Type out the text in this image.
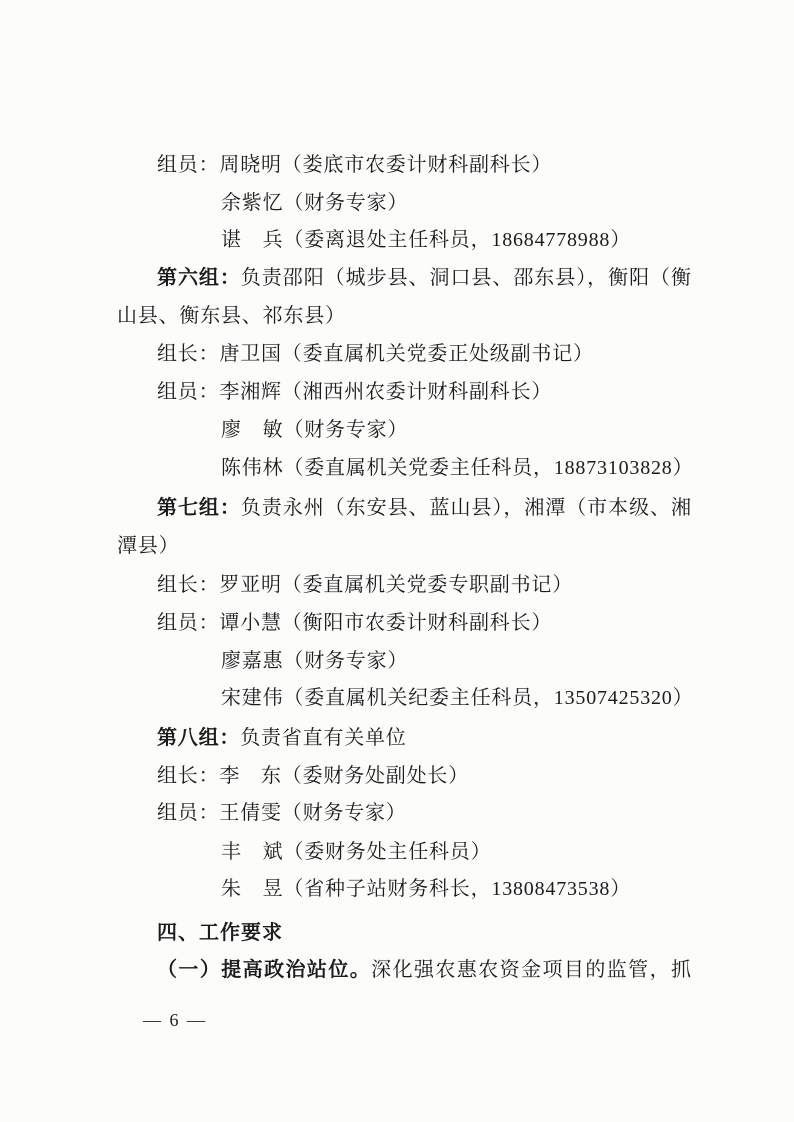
组员：周晓明（娄底市农委计财科副科长）
余紫忆（财务专家）
谌　兵（委离退处主任科员，18684778988）
第六组：负责邵阳（城步县、洞口县、邵东县），衡阳（衡
山县、衡东县、祁东县）
组长：唐卫国（委直属机关党委正处级副书记）
组员：李湘辉（湘西州农委计财科副科长）
廖　敏（财务专家）
陈伟林（委直属机关党委主任科员，18873103828）
第七组：负责永州（东安县、蓝山县），湘潭（市本级、湘
潭县）
组长：罗亚明（委直属机关党委专职副书记）
组员：谭小慧（衡阳市农委计财科副科长）
廖嘉惠（财务专家）
宋建伟（委直属机关纪委主任科员，13507425320）
第八组：负责省直有关单位
组长：李　东（委财务处副处长）
组员：王倩雯（财务专家）
丰　斌（委财务处主任科员）
朱　昱（省种子站财务科长，13808473538）
四、工作要求
（一）提高政治站位。深化强农惠农资金项目的监管，抓
— 6 —
